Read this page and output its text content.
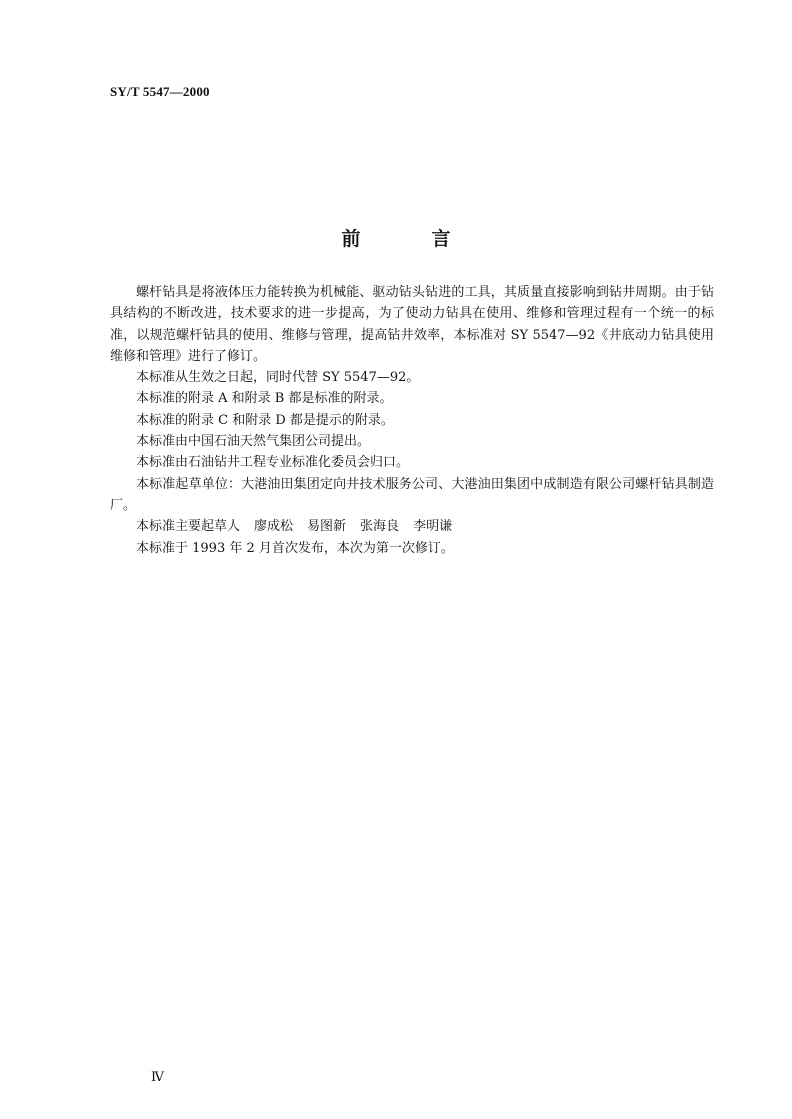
SY/T 5547—2000
前　言

螺杆钻具是将液体压力能转换为机械能、驱动钻头钻进的工具，其质量直接影响到钻井周期。由于钻具结构的不断改进，技术要求的进一步提高，为了使动力钻具在使用、维修和管理过程有一个统一的标准，以规范螺杆钻具的使用、维修与管理，提高钻井效率，本标准对 SY 5547—92《井底动力钻具使用维修和管理》进行了修订。

本标准从生效之日起，同时代替 SY 5547—92。

本标准的附录 A 和附录 B 都是标准的附录。

本标准的附录 C 和附录 D 都是提示的附录。

本标准由中国石油天然气集团公司提出。

本标准由石油钻井工程专业标准化委员会归口。

本标准起草单位：大港油田集团定向井技术服务公司、大港油田集团中成制造有限公司螺杆钻具制造厂。

本标准主要起草人 廖成松 易图新 张海良 李明谦

本标准于 1993 年 2 月首次发布，本次为第一次修订。

Ⅳ
